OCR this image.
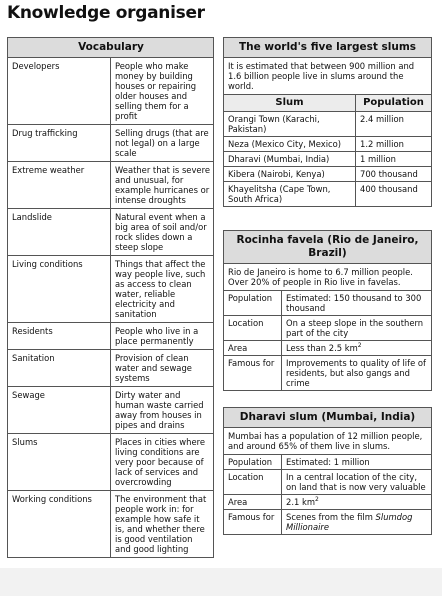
Knowledge organiser
Vocabulary	
Developers	People who make money by building houses or repairing older houses and selling them for a profit
Drug trafficking	Selling drugs (that are not legal) on a large scale
Extreme weather	Weather that is severe and unusual, for example hurricanes or intense droughts
Landslide	Natural event when a big area of soil and/or rock slides down a steep slope
Living conditions	Things that affect the way people live, such as access to clean water, reliable electricity and sanitation
Residents	People who live in a place permanently
Sanitation	Provision of clean water and sewage systems
Sewage	Dirty water and human waste carried away from houses in pipes and drains
Slums	Places in cities where living conditions are very poor because of lack of services and overcrowding
Working conditions	The environment that people work in: for example how safe it is, and whether there is good ventilation and good lighting
The world's five largest slums	
It is estimated that between 900 million and 1.6 billion people live in slums around the world.	
Slum	Population
Orangi Town (Karachi, Pakistan)	2.4 million
Neza (Mexico City, Mexico)	1.2 million
Dharavi (Mumbai, India)	1 million
Kibera (Nairobi, Kenya)	700 thousand
Khayelitsha (Cape Town, South Africa)	400 thousand
Rocinha favela (Rio de Janeiro, Brazil)	
Rio de Janeiro is home to 6.7 million people. Over 20% of people in Rio live in favelas.	
Population	Estimated: 150 thousand to 300 thousand
Location	On a steep slope in the southern part of the city
Area	Less than 2.5 $km^2$
Famous for	Improvements to quality of life of residents, but also gangs and crime
Dharavi slum (Mumbai, India)	
Mumbai has a population of 12 million people, and around 65% of them live in slums.	
Population	Estimated: 1 million
Location	In a central location of the city, on land that is now very valuable
Area	2.1 $km^2$
Famous for	Scenes from the film Slumdog Millionaire
